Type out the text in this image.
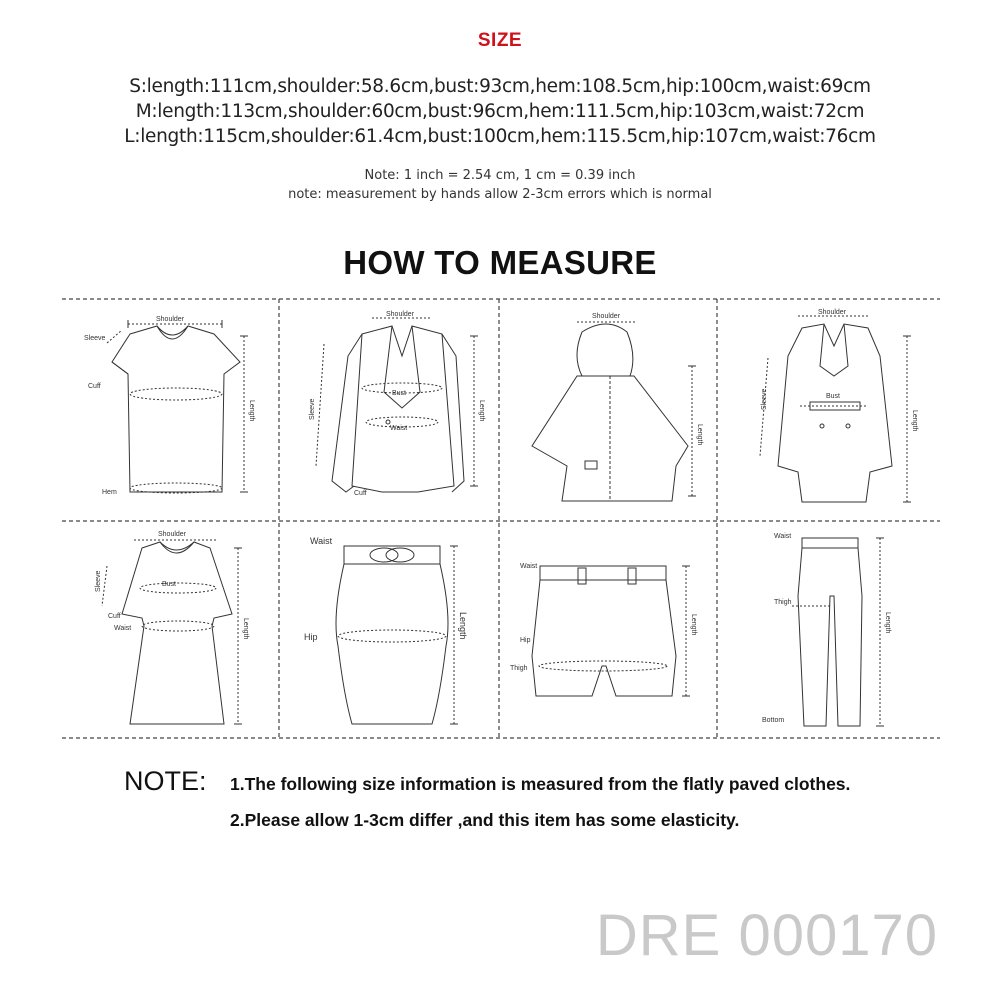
SIZE
S:length:111cm,shoulder:58.6cm,bust:93cm,hem:108.5cm,hip:100cm,waist:69cm
M:length:113cm,shoulder:60cm,bust:96cm,hem:111.5cm,hip:103cm,waist:72cm
L:length:115cm,shoulder:61.4cm,bust:100cm,hem:115.5cm,hip:107cm,waist:76cm
Note: 1 inch = 2.54 cm, 1 cm = 0.39 inch
note: measurement by hands allow 2-3cm errors which is normal
HOW TO MEASURE
Shoulder
Sleeve
Cuff
Hem
Length
Shoulder
Bust
Waist
Cuff
Sleeve	Length
Shoulder
Length
Shoulder
Bust
Sleeve
Length
Shoulder
Bust
Cuff
Waist
Sleeve
Length
Waist
Hip	Length
Waist
Hip
Thigh
Length
Waist
Thigh
Bottom
Length
NOTE: 1.The following size information is measured from the flatly paved clothes.
2.Please allow 1-3cm differ ,and this item has some elasticity.
DRE 000170
